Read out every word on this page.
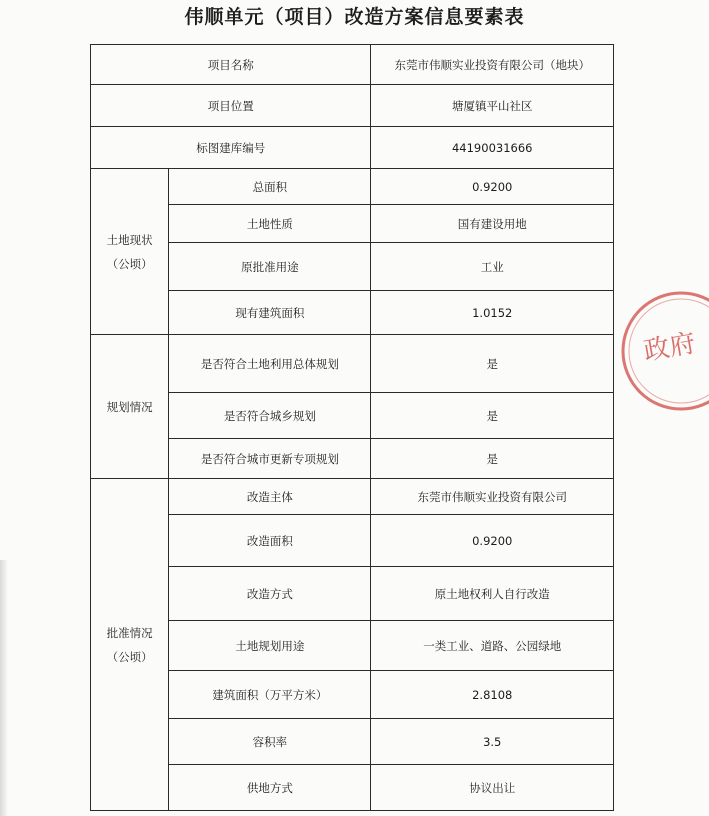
伟顺单元（项目）改造方案信息要素表
项目名称		东莞市伟顺实业投资有限公司（地块）
项目位置		塘厦镇平山社区
标图建库编号		44190031666

土地现状
（公顷）	总面积	0.9200
	土地性质	国有建设用地
	原批准用途	工业
	现有建筑面积	1.0152

规划情况	是否符合土地利用总体规划	是
	是否符合城乡规划	是
	是否符合城市更新专项规划	是

批准情况
（公顷）	改造主体	东莞市伟顺实业投资有限公司
	改造面积	0.9200
	改造方式	原土地权利人自行改造
	土地规划用途	一类工业、道路、公园绿地
	建筑面积（万平方米）	2.8108
	容积率	3.5
	供地方式	协议出让
政府
